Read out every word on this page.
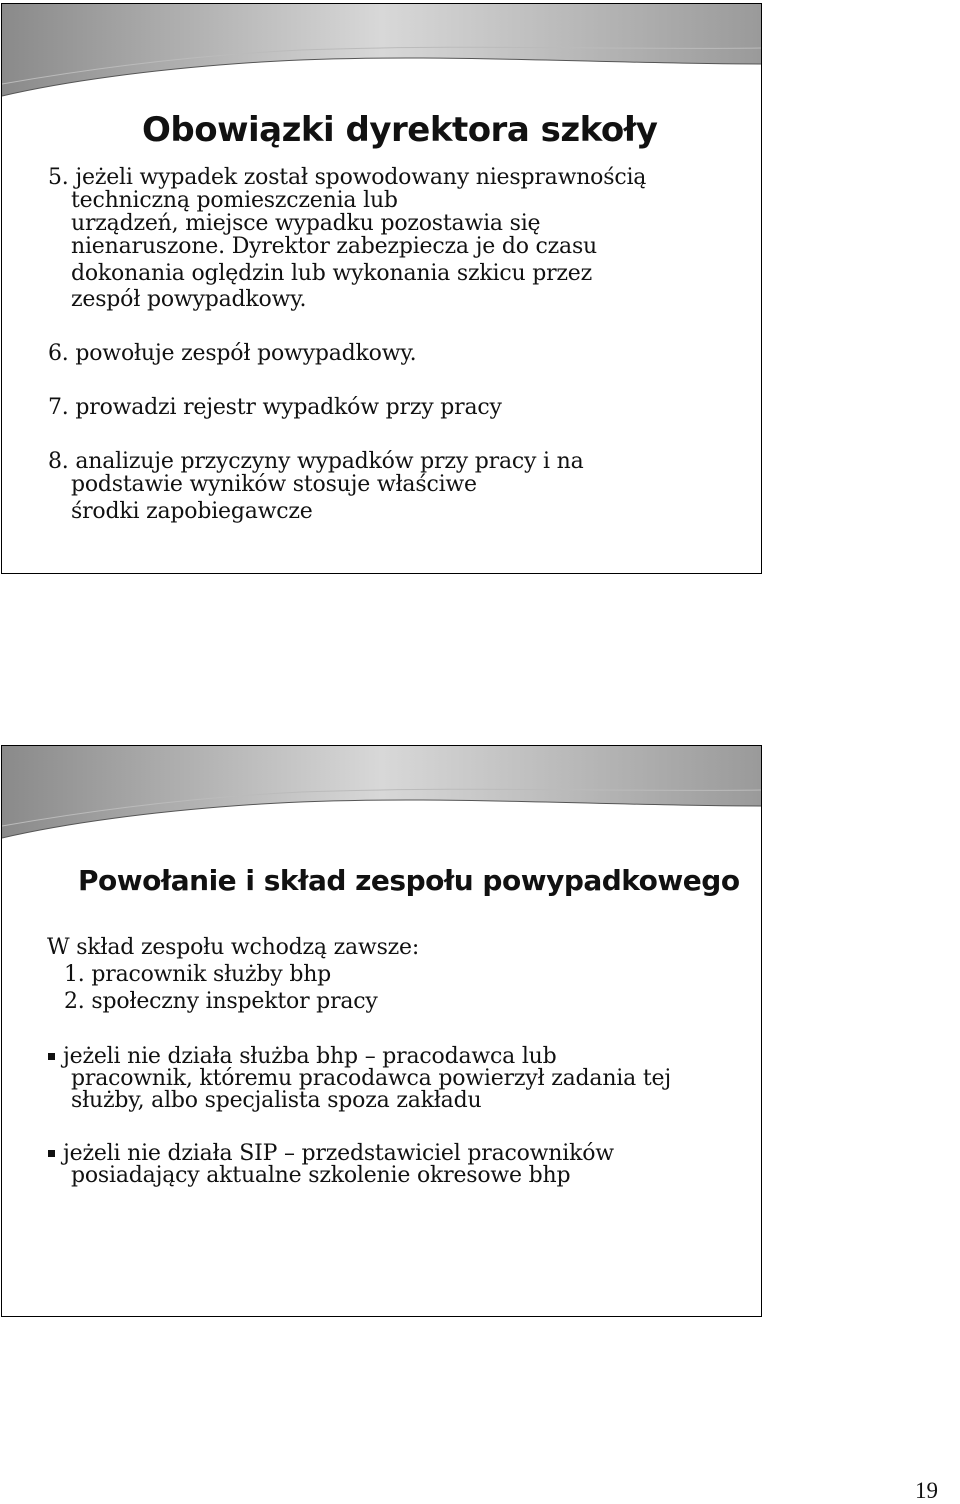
Obowiązki dyrektora szkoły
5. jeżeli wypadek został spowodowany niesprawnością
techniczną pomieszczenia lub
urządzeń, miejsce wypadku pozostawia się
nienaruszone. Dyrektor zabezpiecza je do czasu
dokonania oględzin lub wykonania szkicu przez
zespół powypadkowy.
6. powołuje zespół powypadkowy.
7. prowadzi rejestr wypadków przy pracy
8. analizuje przyczyny wypadków przy pracy i na
podstawie wyników stosuje właściwe
środki zapobiegawcze
Powołanie i skład zespołu powypadkowego
W skład zespołu wchodzą zawsze:
1. pracownik służby bhp
2. społeczny inspektor pracy
jeżeli nie działa służba bhp – pracodawca lub
pracownik, któremu pracodawca powierzył zadania tej
służby, albo specjalista spoza zakładu
jeżeli nie działa SIP – przedstawiciel pracowników
posiadający aktualne szkolenie okresowe bhp
19
